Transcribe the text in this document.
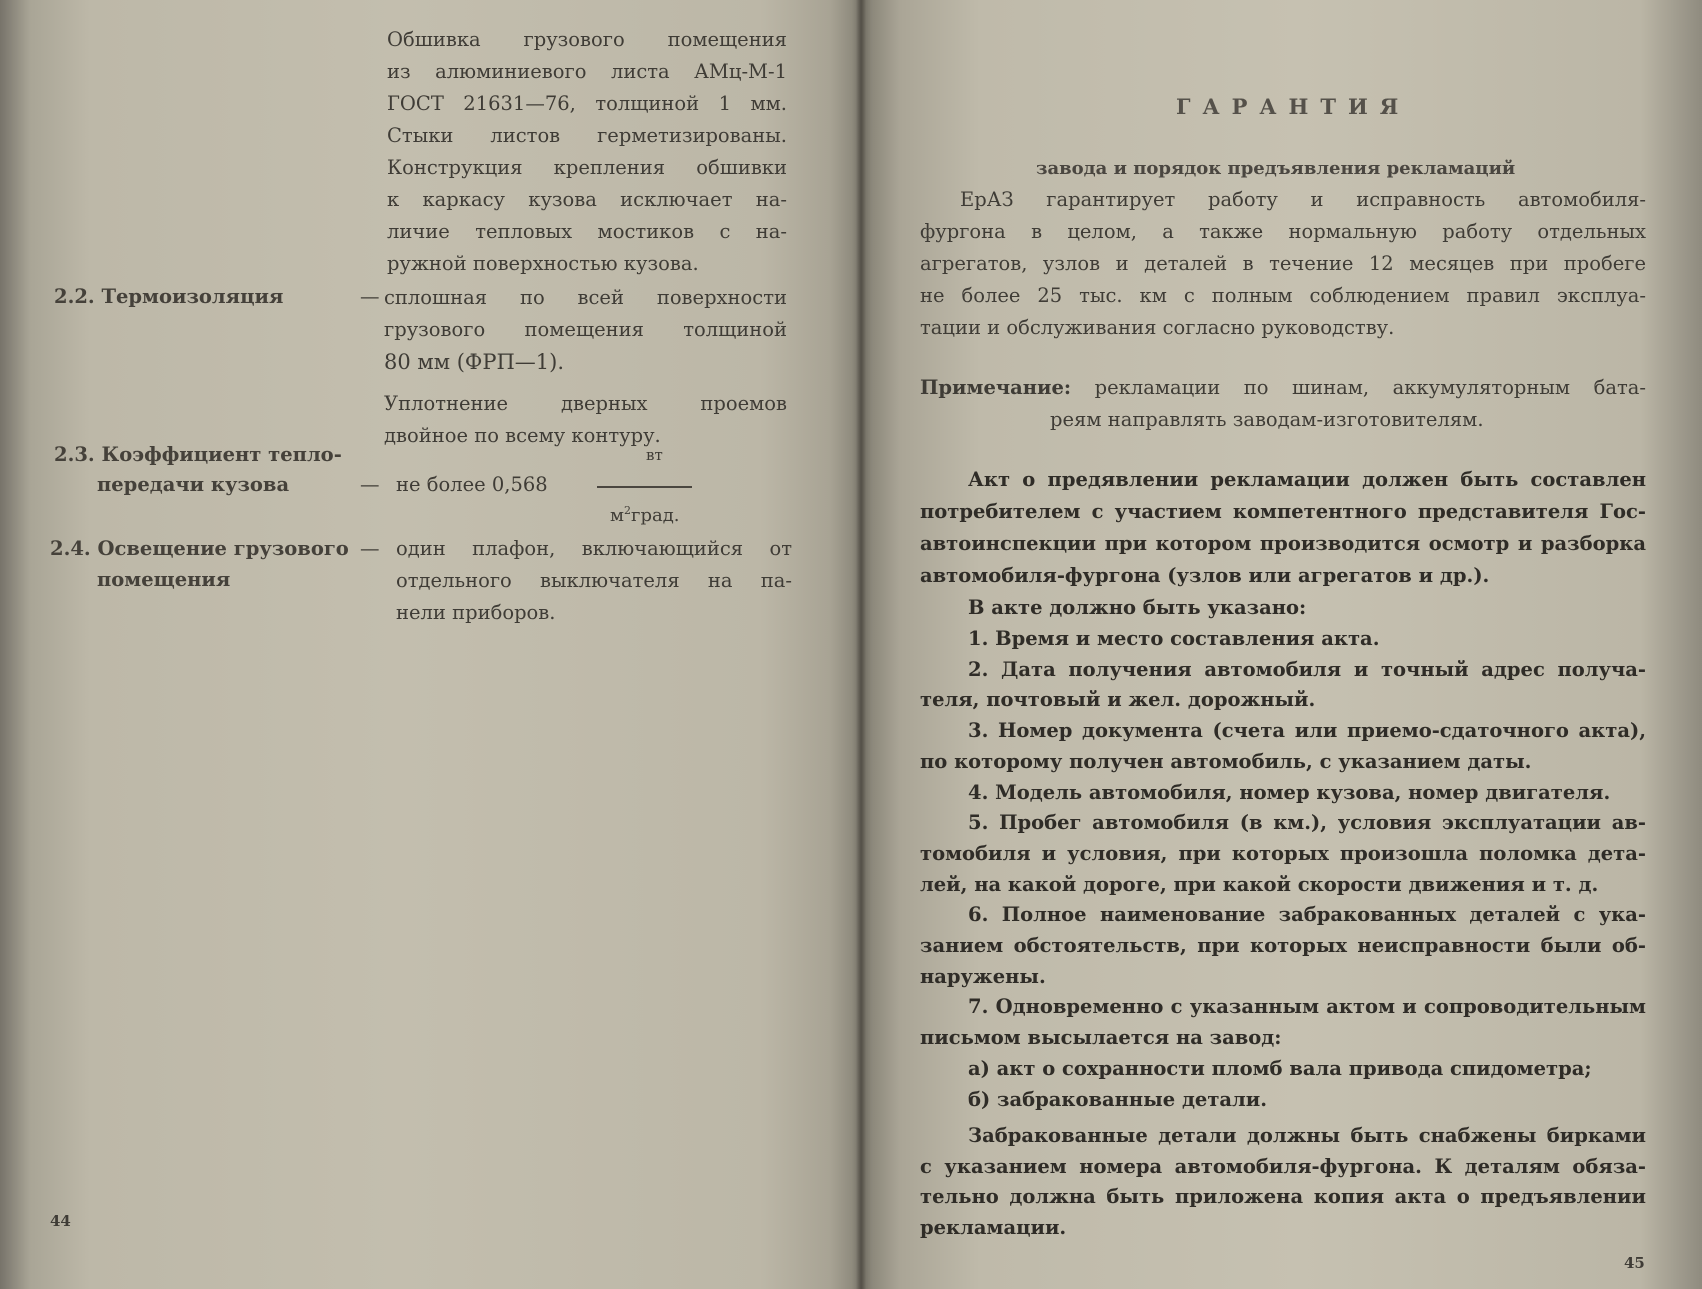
Обшивка грузового помещения
из алюминиевого листа АМц-М-1
ГОСТ 21631—76, толщиной 1 мм.
Стыки листов герметизированы.
Конструкция крепления обшивки
к каркасу кузова исключает на-
личие тепловых мостиков с на-
ружной поверхностью кузова.
2.2. Термоизоляция	— сплошная по всей поверхности
грузового помещения толщиной
80 мм (ФРП—1).
Уплотнение дверных проемов
двойное по всему контуру.
2.3. Коэффициент тепло-
передачи кузова	— не более 0,568
вт
$м^2град$.
2.4. Освещение грузового
помещения
— один плафон, включающийся от
отдельного выключателя на па-
нели приборов.
44
ГАРАНТИЯ
завода и порядок предъявления рекламаций
ЕрАЗ гарантирует работу и исправность автомобиля-
фургона в целом, а также нормальную работу отдельных
агрегатов, узлов и деталей в течение 12 месяцев при пробеге
не более 25 тыс. км с полным соблюдением правил эксплуа-
тации и обслуживания согласно руководству.
Примечание: рекламации по шинам, аккумуляторным бата-
реям направлять заводам-изготовителям.
Акт о предявлении рекламации должен быть составлен
потребителем с участием компетентного представителя Гос-
автоинспекции при котором производится осмотр и разборка
автомобиля-фургона (узлов или агрегатов и др.).
В акте должно быть указано:
1. Время и место составления акта.
2. Дата получения автомобиля и точный адрес получа-
теля, почтовый и жел. дорожный.
3. Номер документа (счета или приемо-сдаточного акта),
по которому получен автомобиль, с указанием даты.
4. Модель автомобиля, номер кузова, номер двигателя.
5. Пробег автомобиля (в км.), условия эксплуатации ав-
томобиля и условия, при которых произошла поломка дета-
лей, на какой дороге, при какой скорости движения и т. д.
6. Полное наименование забракованных деталей с ука-
занием обстоятельств, при которых неисправности были об-
наружены.
7. Одновременно с указанным актом и сопроводительным
письмом высылается на завод:
а) акт о сохранности пломб вала привода спидометра;
б) забракованные детали.
Забракованные детали должны быть снабжены бирками
с указанием номера автомобиля-фургона. К деталям обяза-
тельно должна быть приложена копия акта о предъявлении
рекламации.
45
